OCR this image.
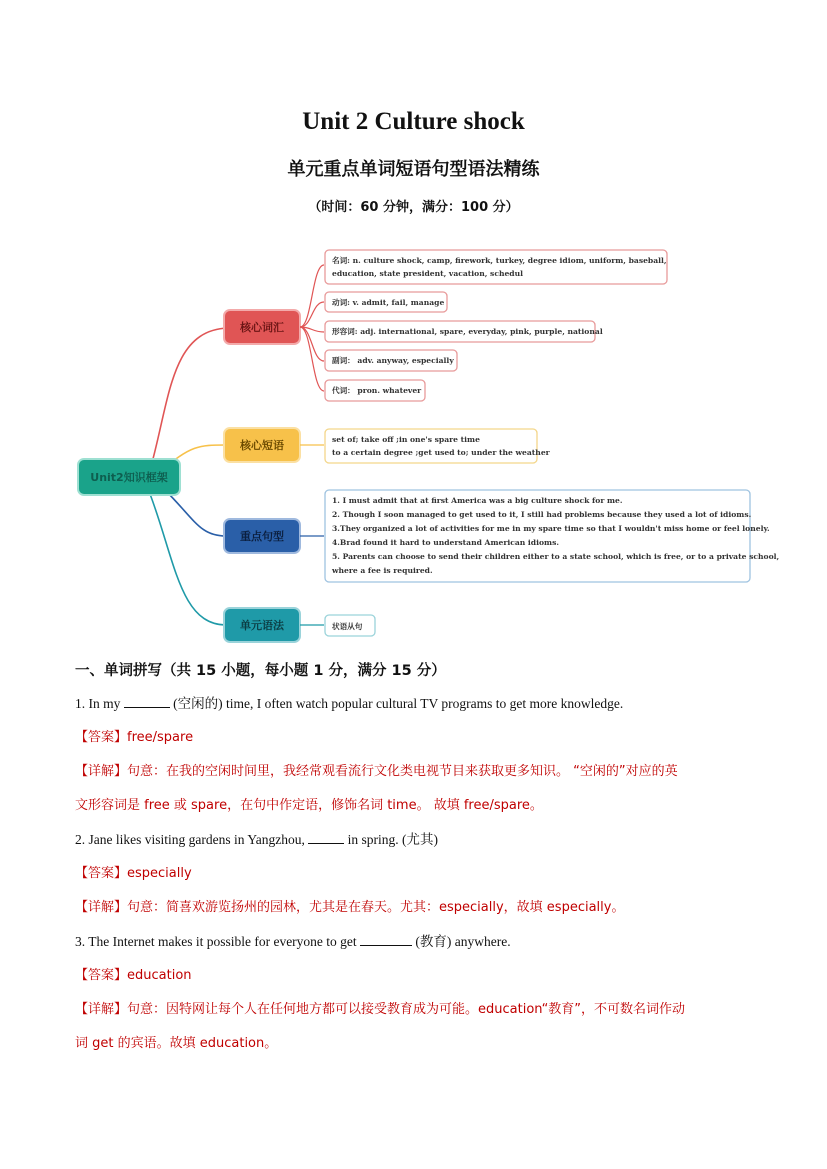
Unit 2 Culture shock
单元重点单词短语句型语法精练
（时间：60 分钟，满分：100 分）
Unit2知识框架
核心词汇
名词: n. culture shock, camp, firework, turkey, degree idiom, uniform, baseball,
education, state president, vacation, schedul
动词: v. admit, fail, manage
形容词: adj. international, spare, everyday, pink, purple, national
副词： adv. anyway, especially
代词： pron. whatever
核心短语	set of; take off ;in one's spare time
to a certain degree ;get used to; under the weather
重点句型
1. I must admit that at first America was a big culture shock for me.
2. Though I soon managed to get used to it, I still had problems because they used a lot of idioms.
3.They organized a lot of activities for me in my spare time so that I wouldn't miss home or feel lonely.
4.Brad found it hard to understand American idioms.
5. Parents can choose to send their children either to a state school, which is free, or to a private school,
where a fee is required.
单元语法	状语从句
一、单词拼写（共 15 小题，每小题 1 分，满分 15 分）
1. In my	(空闲的) time, I often watch popular cultural TV programs to get more knowledge.
【答案】free/spare
【详解】句意：在我的空闲时间里，我经常观看流行文化类电视节目来获取更多知识。 “空闲的”对应的英
文形容词是 free 或 spare，在句中作定语，修饰名词 time。 故填 free/spare。
2. Jane likes visiting gardens in Yangzhou,	in spring. (尤其)
【答案】especially
【详解】句意：简喜欢游览扬州的园林，尤其是在春天。尤其：especially，故填 especially。
3. The Internet makes it possible for everyone to get	(教育) anywhere.
【答案】education
【详解】句意：因特网让每个人在任何地方都可以接受教育成为可能。education“教育”，不可数名词作动
词 get 的宾语。故填 education。
